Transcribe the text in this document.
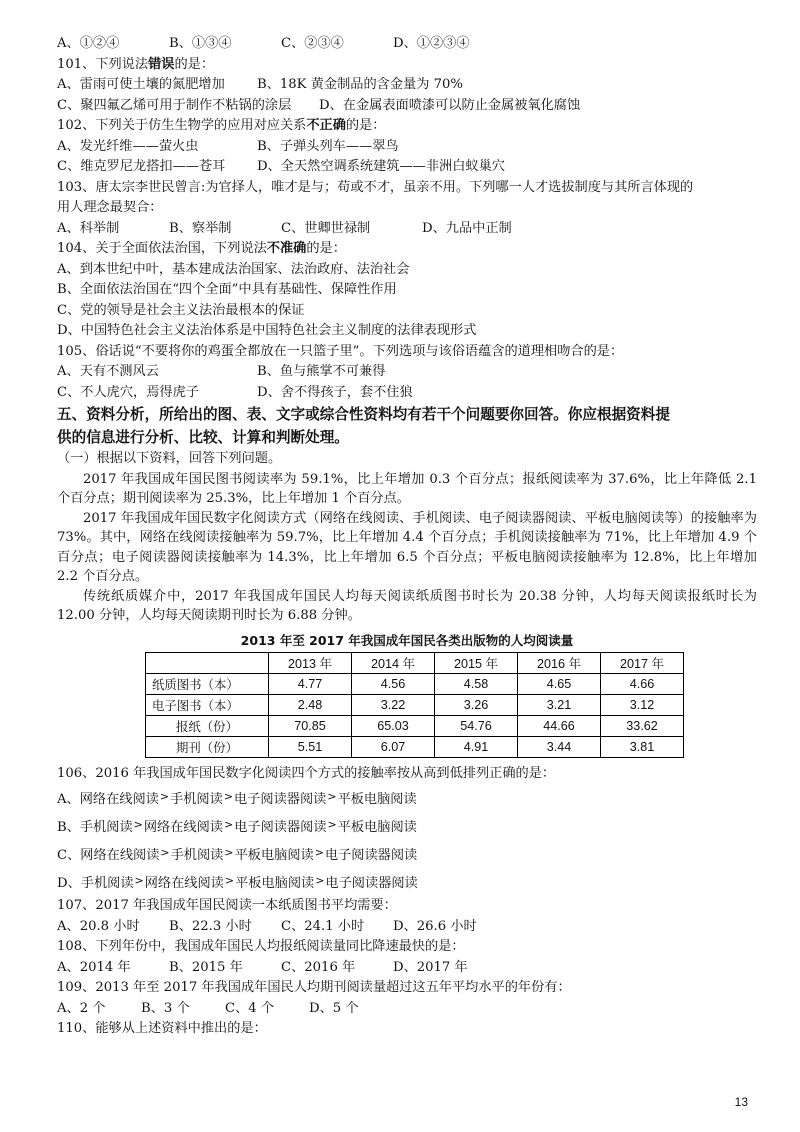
A、①②④	B、①③④	C、②③④	D、①②③④
101、下列说法错误的是：
A、雷雨可使土壤的氮肥增加	B、18K 黄金制品的含金量为 70%
C、聚四氟乙烯可用于制作不粘锅的涂层	D、在金属表面喷漆可以防止金属被氧化腐蚀
102、下列关于仿生生物学的应用对应关系不正确的是：
A、发光纤维——萤火虫	B、子弹头列车——翠鸟
C、维克罗尼龙搭扣——苍耳	D、全天然空调系统建筑——非洲白蚁巢穴
103、唐太宗李世民曾言:为官择人，唯才是与；苟或不才，虽亲不用。下列哪一人才选拔制度与其所言体现的
用人理念最契合：
A、科举制	B、察举制	C、世卿世禄制	D、九品中正制
104、关于全面依法治国，下列说法不准确的是：
A、到本世纪中叶，基本建成法治国家、法治政府、法治社会
B、全面依法治国在“四个全面”中具有基础性、保障性作用
C、党的领导是社会主义法治最根本的保证
D、中国特色社会主义法治体系是中国特色社会主义制度的法律表现形式
105、俗话说“不要将你的鸡蛋全都放在一只篮子里”。下列选项与该俗语蕴含的道理相吻合的是：
A、天有不测风云	B、鱼与熊掌不可兼得
C、不人虎穴，焉得虎子	D、舍不得孩子，套不住狼
五、资料分析，所给出的图、表、文字或综合性资料均有若干个问题要你回答。你应根据资料提
供的信息进行分析、比较、计算和判断处理。
（一）根据以下资料，回答下列问题。

2017 年我国成年国民图书阅读率为 59.1%，比上年增加 0.3 个百分点；报纸阅读率为 37.6%，比上年降低 2.1 个百分点；期刊阅读率为 25.3%，比上年增加 1 个百分点。

2017 年我国成年国民数字化阅读方式（网络在线阅读、手机阅读、电子阅读器阅读、平板电脑阅读等）的接触率为 73%。其中，网络在线阅读接触率为 59.7%，比上年增加 4.4 个百分点；手机阅读接触率为 71%，比上年增加 4.9 个百分点；电子阅读器阅读接触率为 14.3%，比上年增加 6.5 个百分点；平板电脑阅读接触率为 12.8%，比上年增加 2.2 个百分点。

传统纸质媒介中，2017 年我国成年国民人均每天阅读纸质图书时长为 20.38 分钟，人均每天阅读报纸时长为 12.00 分钟，人均每天阅读期刊时长为 6.88 分钟。

2013 年至 2017 年我国成年国民各类出版物的人均阅读量
	2013 年	2014 年	2015 年	2016 年	2017 年
纸质图书（本）	4.77	4.56	4.58	4.65	4.66
电子图书（本）	2.48	3.22	3.26	3.21	3.12
报纸（份）	70.85	65.03	54.76	44.66	33.62
期刊（份）	5.51	6.07	4.91	3.44	3.81
106、2016 年我国成年国民数字化阅读四个方式的接触率按从高到低排列正确的是：
A、网络在线阅读>手机阅读>电子阅读器阅读>平板电脑阅读
B、手机阅读>网络在线阅读>电子阅读器阅读>平板电脑阅读
C、网络在线阅读>手机阅读>平板电脑阅读>电子阅读器阅读
D、手机阅读>网络在线阅读>平板电脑阅读>电子阅读器阅读
107、2017 年我国成年国民阅读一本纸质图书平均需要：
A、20.8 小时	B、22.3 小时	C、24.1 小时	D、26.6 小时
108、下列年份中，我国成年国民人均报纸阅读量同比降速最快的是：
A、2014 年	B、2015 年	C、2016 年	D、2017 年
109、2013 年至 2017 年我国成年国民人均期刊阅读量超过这五年平均水平的年份有：
A、2 个	B、3 个	C、4 个	D、5 个
110、能够从上述资料中推出的是：
13
